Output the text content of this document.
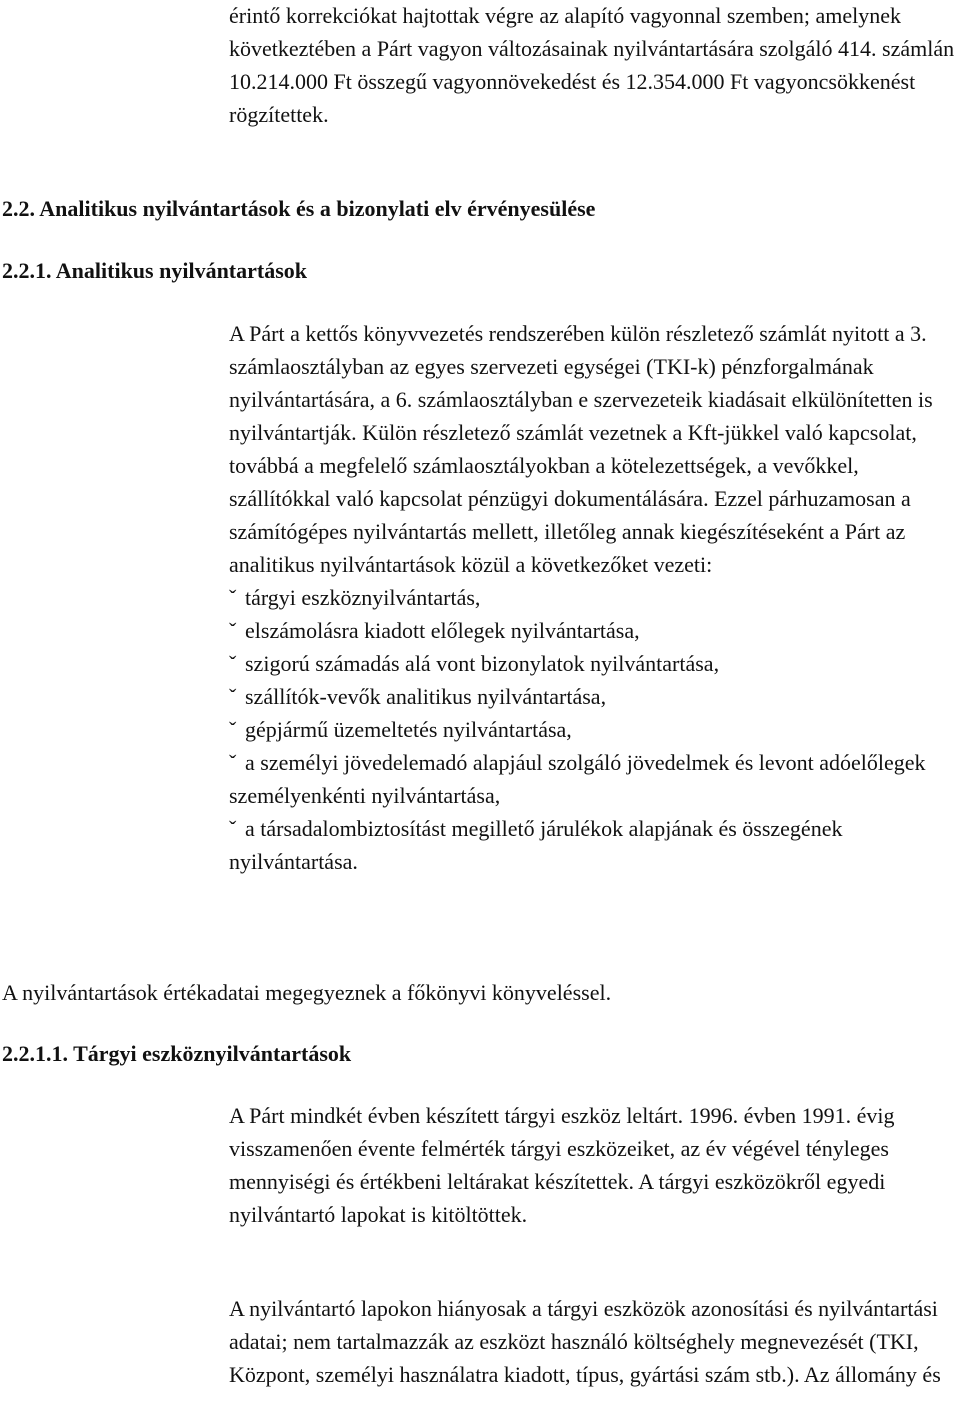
érintő korrekciókat hajtottak végre az alapító vagyonnal szemben; amelynek következtében a Párt vagyon változásainak nyilvántartására szolgáló 414. számlán 10.214.000 Ft összegű vagyonnövekedést és 12.354.000 Ft vagyoncsökkenést rögzítettek.

2.2. Analitikus nyilvántartások és a bizonylati elv érvényesülése
2.2.1. Analitikus nyilvántartások

A Párt a kettős könyvvezetés rendszerében külön részletező számlát nyitott a 3. számlaosztályban az egyes szervezeti egységei (TKI-k) pénzforgalmának nyilvántartására, a 6. számlaosztályban e szervezeteik kiadásait elkülönítetten is nyilvántartják. Külön részletező számlát vezetnek a Kft-jükkel való kapcsolat, továbbá a megfelelő számlaosztályokban a kötelezettségek, a vevőkkel, szállítókkal való kapcsolat pénzügyi dokumentálására. Ezzel párhuzamosan a számítógépes nyilvántartás mellett, illetőleg annak kiegészítéseként a Párt az analitikus nyilvántartások közül a következőket vezeti:

ˇ tárgyi eszköznyilvántartás,
ˇ elszámolásra kiadott előlegek nyilvántartása,
ˇ szigorú számadás alá vont bizonylatok nyilvántartása,
ˇ szállítók-vevők analitikus nyilvántartása,
ˇ gépjármű üzemeltetés nyilvántartása,
ˇ a személyi jövedelemadó alapjául szolgáló jövedelmek és levont adóelőlegek személyenkénti nyilvántartása,
ˇ a társadalombiztosítást megillető járulékok alapjának és összegének nyilvántartása.

A nyilvántartások értékadatai megegyeznek a főkönyvi könyveléssel.

2.2.1.1. Tárgyi eszköznyilvántartások

A Párt mindkét évben készített tárgyi eszköz leltárt. 1996. évben 1991. évig visszamenően évente felmérték tárgyi eszközeiket, az év végével tényleges mennyiségi és értékbeni leltárakat készítettek. A tárgyi eszközökről egyedi nyilvántartó lapokat is kitöltöttek.

A nyilvántartó lapokon hiányosak a tárgyi eszközök azonosítási és nyilvántartási adatai; nem tartalmazzák az eszközt használó költséghely megnevezését (TKI, Központ, személyi használatra kiadott, típus, gyártási szám stb.). Az állomány és
